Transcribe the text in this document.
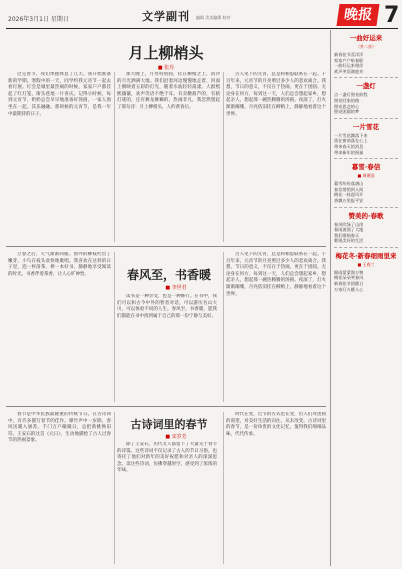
2026年3月1日 星期日	文学副刊 编辑 美术编辑 校对	晚报 7
月上柳梢头
■ 张丹
过完春节，我们单独休息了几天。我开始准备新的学期。寒假中的一天，同学约我元宵节一起去看灯展。灯会是城里最热闹的时候，家家户户都挂起了红灯笼，街头巷尾一片喜庆。记得小时候，每到元宵节，奶奶总会早早地准备好汤圆，一家人围坐在一起，其乐融融。那时候的元宵节，是我一年中最期待的日子。
那天晚上，月亮特别圆，挂在柳梢之上，清冷的月光洒满大地。我们沿着河边慢慢地走着，河面上倒映着五彩的灯光，随着水波轻轻荡漾。人群熙熙攘攘，欢声笑语不绝于耳。有卖糖葫芦的，有猜灯谜的，还有舞龙舞狮的，热闹非凡。我忽然想起了那句诗：月上柳梢头，人约黄昏后。
古人笔下的元宵，总是和相思联系在一起。千百年来，元宵节的月亮照过多少人的悲欢离合。我想，节日的意义，不仅在于热闹，更在于团圆。无论身在何方，每到这一天，人们总会想起家乡，想起亲人，想起那一碗热腾腾的汤圆。夜深了，灯火渐渐阑珊，月亮依旧挂在柳梢上，静静地看着这个世界。
立春之后，天气渐渐回暖。窗外的柳枝吐出了嫩芽，小鸟在枝头欢快地歌唱。我喜欢在这样的日子里，泡一杯清茶，捧一本好书，静静地享受阅读的时光。书香伴着茶香，让人心旷神怡。	春风至，书香暖
■ 李世君
读书是一种享受，也是一种修行。在书中，我们可以和古今中外的智者对话，可以游历名山大川，可以体验不同的人生。春风至，书香暖，愿我们都能在书中找到属于自己的那一份宁静与美好。
古人笔下的元宵，总是和相思联系在一起。千百年来，元宵节的月亮照过多少人的悲欢离合。我想，节日的意义，不仅在于热闹，更在于团圆。无论身在何方，每到这一天，人们总会想起家乡，想起亲人，想起那一碗热腾腾的汤圆。夜深了，灯火渐渐阑珊，月亮依旧挂在柳梢上，静静地看着这个世界。
春节是中华民族最隆重的传统节日。在古诗词中，有许多描写春节的佳作。爆竹声中一岁除，春风送暖入屠苏。千门万户曈曈日，总把新桃换旧符。王安石的这首《元日》，生动地描绘了古人过春节的热闹景象。
古诗词里的春节
■ 宋岁芳
除了王安石，历代文人都留下了大量关于春节的诗篇。这些诗词不仅记录了古人的节日习俗，也寄托了他们对新年的美好祝愿和对亲人的深深思念。读这些诗词，仿佛穿越时空，感受到了浓浓的年味。
时代在变，过节的方式也在变，但人们对团圆的渴望，对美好生活的向往，从未改变。古诗词里的春节，是一份珍贵的文化记忆，值得我们细细品味，代代传承。
一曲好运来
（外二首）
新春佳节喜洋洋
家家户户贴春联
一曲好运来相伴
欢声笑语满庭芳
一盏灯
点一盏灯照亮前程
照亮回家的路
照亮思念的心
照亮团圆的梦
一片雪花
一片雪花飘落下来
落在窗前落在心上
带来春天的消息
带来新年的祝福
暮雪·春信
■ 周建国
暮雪纷纷落满山
春信悄悄到人间
梅花一枝迎风开
香飘万里报平安
赞美的·春歌
春风吹绿了山岗
春雨滋润了大地
我们歌唱春天
歌唱美好的生活
梅花冬·新春细雨里来
■ 王春兰
细雨蒙蒙润万物
梅花朵朵笑春风
新春佳节团圆日
万家灯火暖人心
